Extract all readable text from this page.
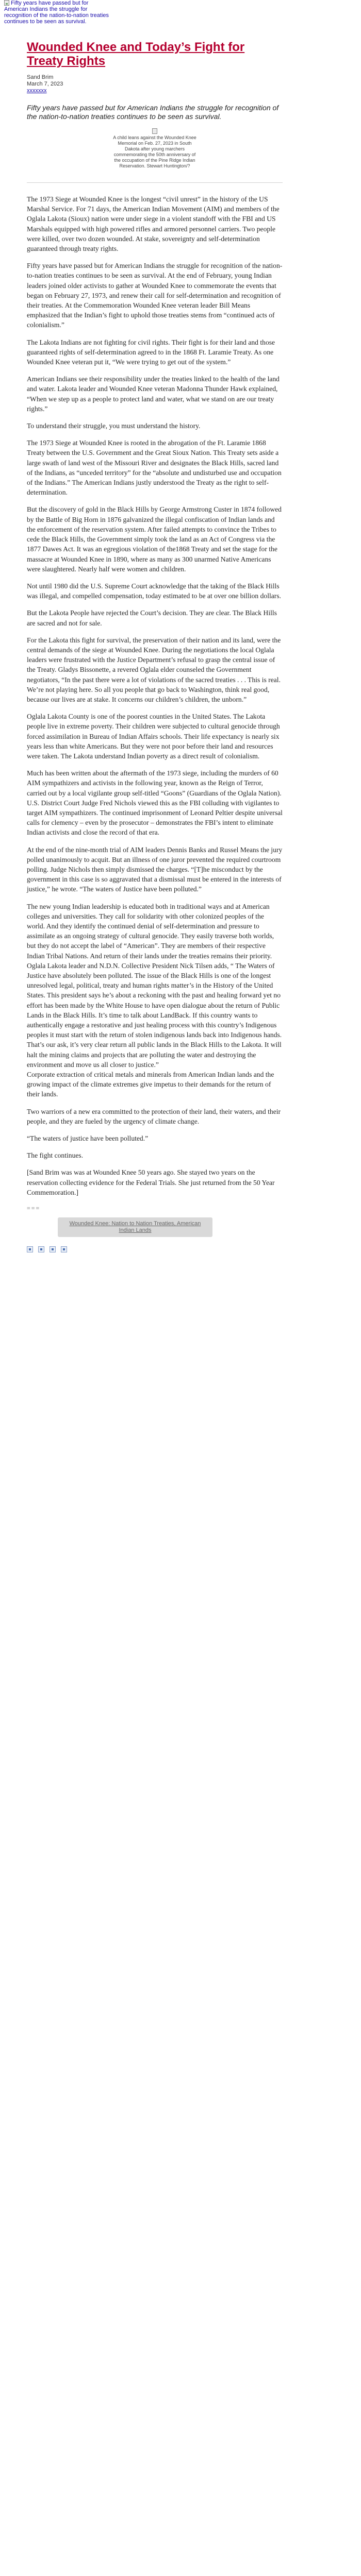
Fifty years have passed but for American Indians the struggle for recognition of the nation-to-nation treaties continues to be seen as survival.
Wounded Knee and Today’s Fight for Treaty Rights
Sand Brim
March 7, 2023
xxxxxxx

Fifty years have passed but for American Indians the struggle for recognition of the nation-to-nation treaties continues to be seen as survival.

A child leans against the Wounded Knee Memorial on Feb. 27, 2023 in South Dakota after young marchers commemorating the 50th anniversary of the occupation of the Pine Ridge Indian Reservation. Stewart Huntington/?

The 1973 Siege at Wounded Knee is the longest “civil unrest” in the history of the US Marshal Service. For 71 days, the American Indian Movement (AIM) and members of the Oglala Lakota (Sioux) nation were under siege in a violent standoff with the FBI and US Marshals equipped with high powered rifles and armored personnel carriers. Two people were killed, over two dozen wounded. At stake, sovereignty and self-determination guaranteed through treaty rights.

Fifty years have passed but for American Indians the struggle for recognition of the nation-to-nation treaties continues to be seen as survival. At the end of February, young Indian leaders joined older activists to gather at Wounded Knee to commemorate the events that began on February 27, 1973, and renew their call for self-determination and recognition of their treaties. At the Commemoration Wounded Knee veteran leader Bill Means emphasized that the Indian’s fight to uphold those treaties stems from “continued acts of colonialism.”

The Lakota Indians are not fighting for civil rights. Their fight is for their land and those guaranteed rights of self-determination agreed to in the 1868 Ft. Laramie Treaty. As one Wounded Knee veteran put it, “We were trying to get out of the system.”

American Indians see their responsibility under the treaties linked to the health of the land and water. Lakota leader and Wounded Knee veteran Madonna Thunder Hawk explained, “When we step up as a people to protect land and water, what we stand on are our treaty rights.”

To understand their struggle, you must understand the history.

The 1973 Siege at Wounded Knee is rooted in the abrogation of the Ft. Laramie 1868 Treaty between the U.S. Government and the Great Sioux Nation. This Treaty sets aside a large swath of land west of the Missouri River and designates the Black Hills, sacred land of the Indians, as “unceded territory” for the “absolute and undisturbed use and occupation of the Indians.” The American Indians justly understood the Treaty as the right to self-determination.

But the discovery of gold in the Black Hills by George Armstrong Custer in 1874 followed by the Battle of Big Horn in 1876 galvanized the illegal confiscation of Indian lands and the enforcement of the reservation system. After failed attempts to convince the Tribes to cede the Black Hills, the Government simply took the land as an Act of Congress via the 1877 Dawes Act. It was an egregious violation of the1868 Treaty and set the stage for the massacre at Wounded Knee in 1890, where as many as 300 unarmed Native Americans were slaughtered. Nearly half were women and children.

Not until 1980 did the U.S. Supreme Court acknowledge that the taking of the Black Hills was illegal, and compelled compensation, today estimated to be at over one billion dollars.

But the Lakota People have rejected the Court’s decision. They are clear. The Black Hills are sacred and not for sale.

For the Lakota this fight for survival, the preservation of their nation and its land, were the central demands of the siege at Wounded Knee. During the negotiations the local Oglala leaders were frustrated with the Justice Department’s refusal to grasp the central issue of the Treaty. Gladys Bissonette, a revered Oglala elder counseled the Government negotiators, “In the past there were a lot of violations of the sacred treaties . . . This is real. We’re not playing here. So all you people that go back to Washington, think real good, because our lives are at stake. It concerns our children’s children, the unborn.”

Oglala Lakota County is one of the poorest counties in the United States. The Lakota people live in extreme poverty. Their children were subjected to cultural genocide through forced assimilation in Bureau of Indian Affairs schools. Their life expectancy is nearly six years less than white Americans. But they were not poor before their land and resources were taken. The Lakota understand Indian poverty as a direct result of colonialism.

Much has been written about the aftermath of the 1973 siege, including the murders of 60 AIM sympathizers and activists in the following year, known as the Reign of Terror, carried out by a local vigilante group self-titled “Goons” (Guardians of the Oglala Nation). U.S. District Court Judge Fred Nichols viewed this as the FBI colluding with vigilantes to target AIM sympathizers. The continued imprisonment of Leonard Peltier despite universal calls for clemency – even by the prosecutor – demonstrates the FBI’s intent to eliminate Indian activists and close the record of that era.

At the end of the nine-month trial of AIM leaders Dennis Banks and Russel Means the jury polled unanimously to acquit. But an illness of one juror prevented the required courtroom polling. Judge Nichols then simply dismissed the charges. “[T]he misconduct by the government in this case is so aggravated that a dismissal must be entered in the interests of justice,” he wrote. “The waters of Justice have been polluted.”

The new young Indian leadership is educated both in traditional ways and at American colleges and universities. They call for solidarity with other colonized peoples of the world. And they identify the continued denial of self-determination and pressure to assimilate as an ongoing strategy of cultural genocide. They easily traverse both worlds, but they do not accept the label of “American”. They are members of their respective Indian Tribal Nations. And return of their lands under the treaties remains their priority. Oglala Lakota leader and N.D.N. Collective President Nick Tilsen adds, “ The Waters of Justice have absolutely been polluted. The issue of the Black Hills is one of the longest unresolved legal, political, treaty and human rights matter’s in the History of the United States. This president says he’s about a reckoning with the past and healing forward yet no effort has been made by the White House to have open dialogue about the return of Public Lands in the Black Hills. It’s time to talk about LandBack. If this country wants to authentically engage a restorative and just healing process with this country’s Indigenous peoples it must start with the return of stolen indigenous lands back into Indigenous hands. That’s our ask, it’s very clear return all public lands in the Black Hills to the Lakota. It will halt the mining claims and projects that are polluting the water and destroying the environment and move us all closer to justice.”

Corporate extraction of critical metals and minerals from American Indian lands and the growing impact of the climate extremes give impetus to their demands for the return of their lands.

Two warriors of a new era committed to the protection of their land, their waters, and their people, and they are fueled by the urgency of climate change.

“The waters of justice have been polluted.”

The fight continues.

[Sand Brim was was at Wounded Knee 50 years ago. She stayed two years on the reservation collecting evidence for the Federal Trials. She just returned from the 50 Year Commemoration.]

≡≡≡
Wounded Knee: Nation to Nation Treaties, American Indian Lands
